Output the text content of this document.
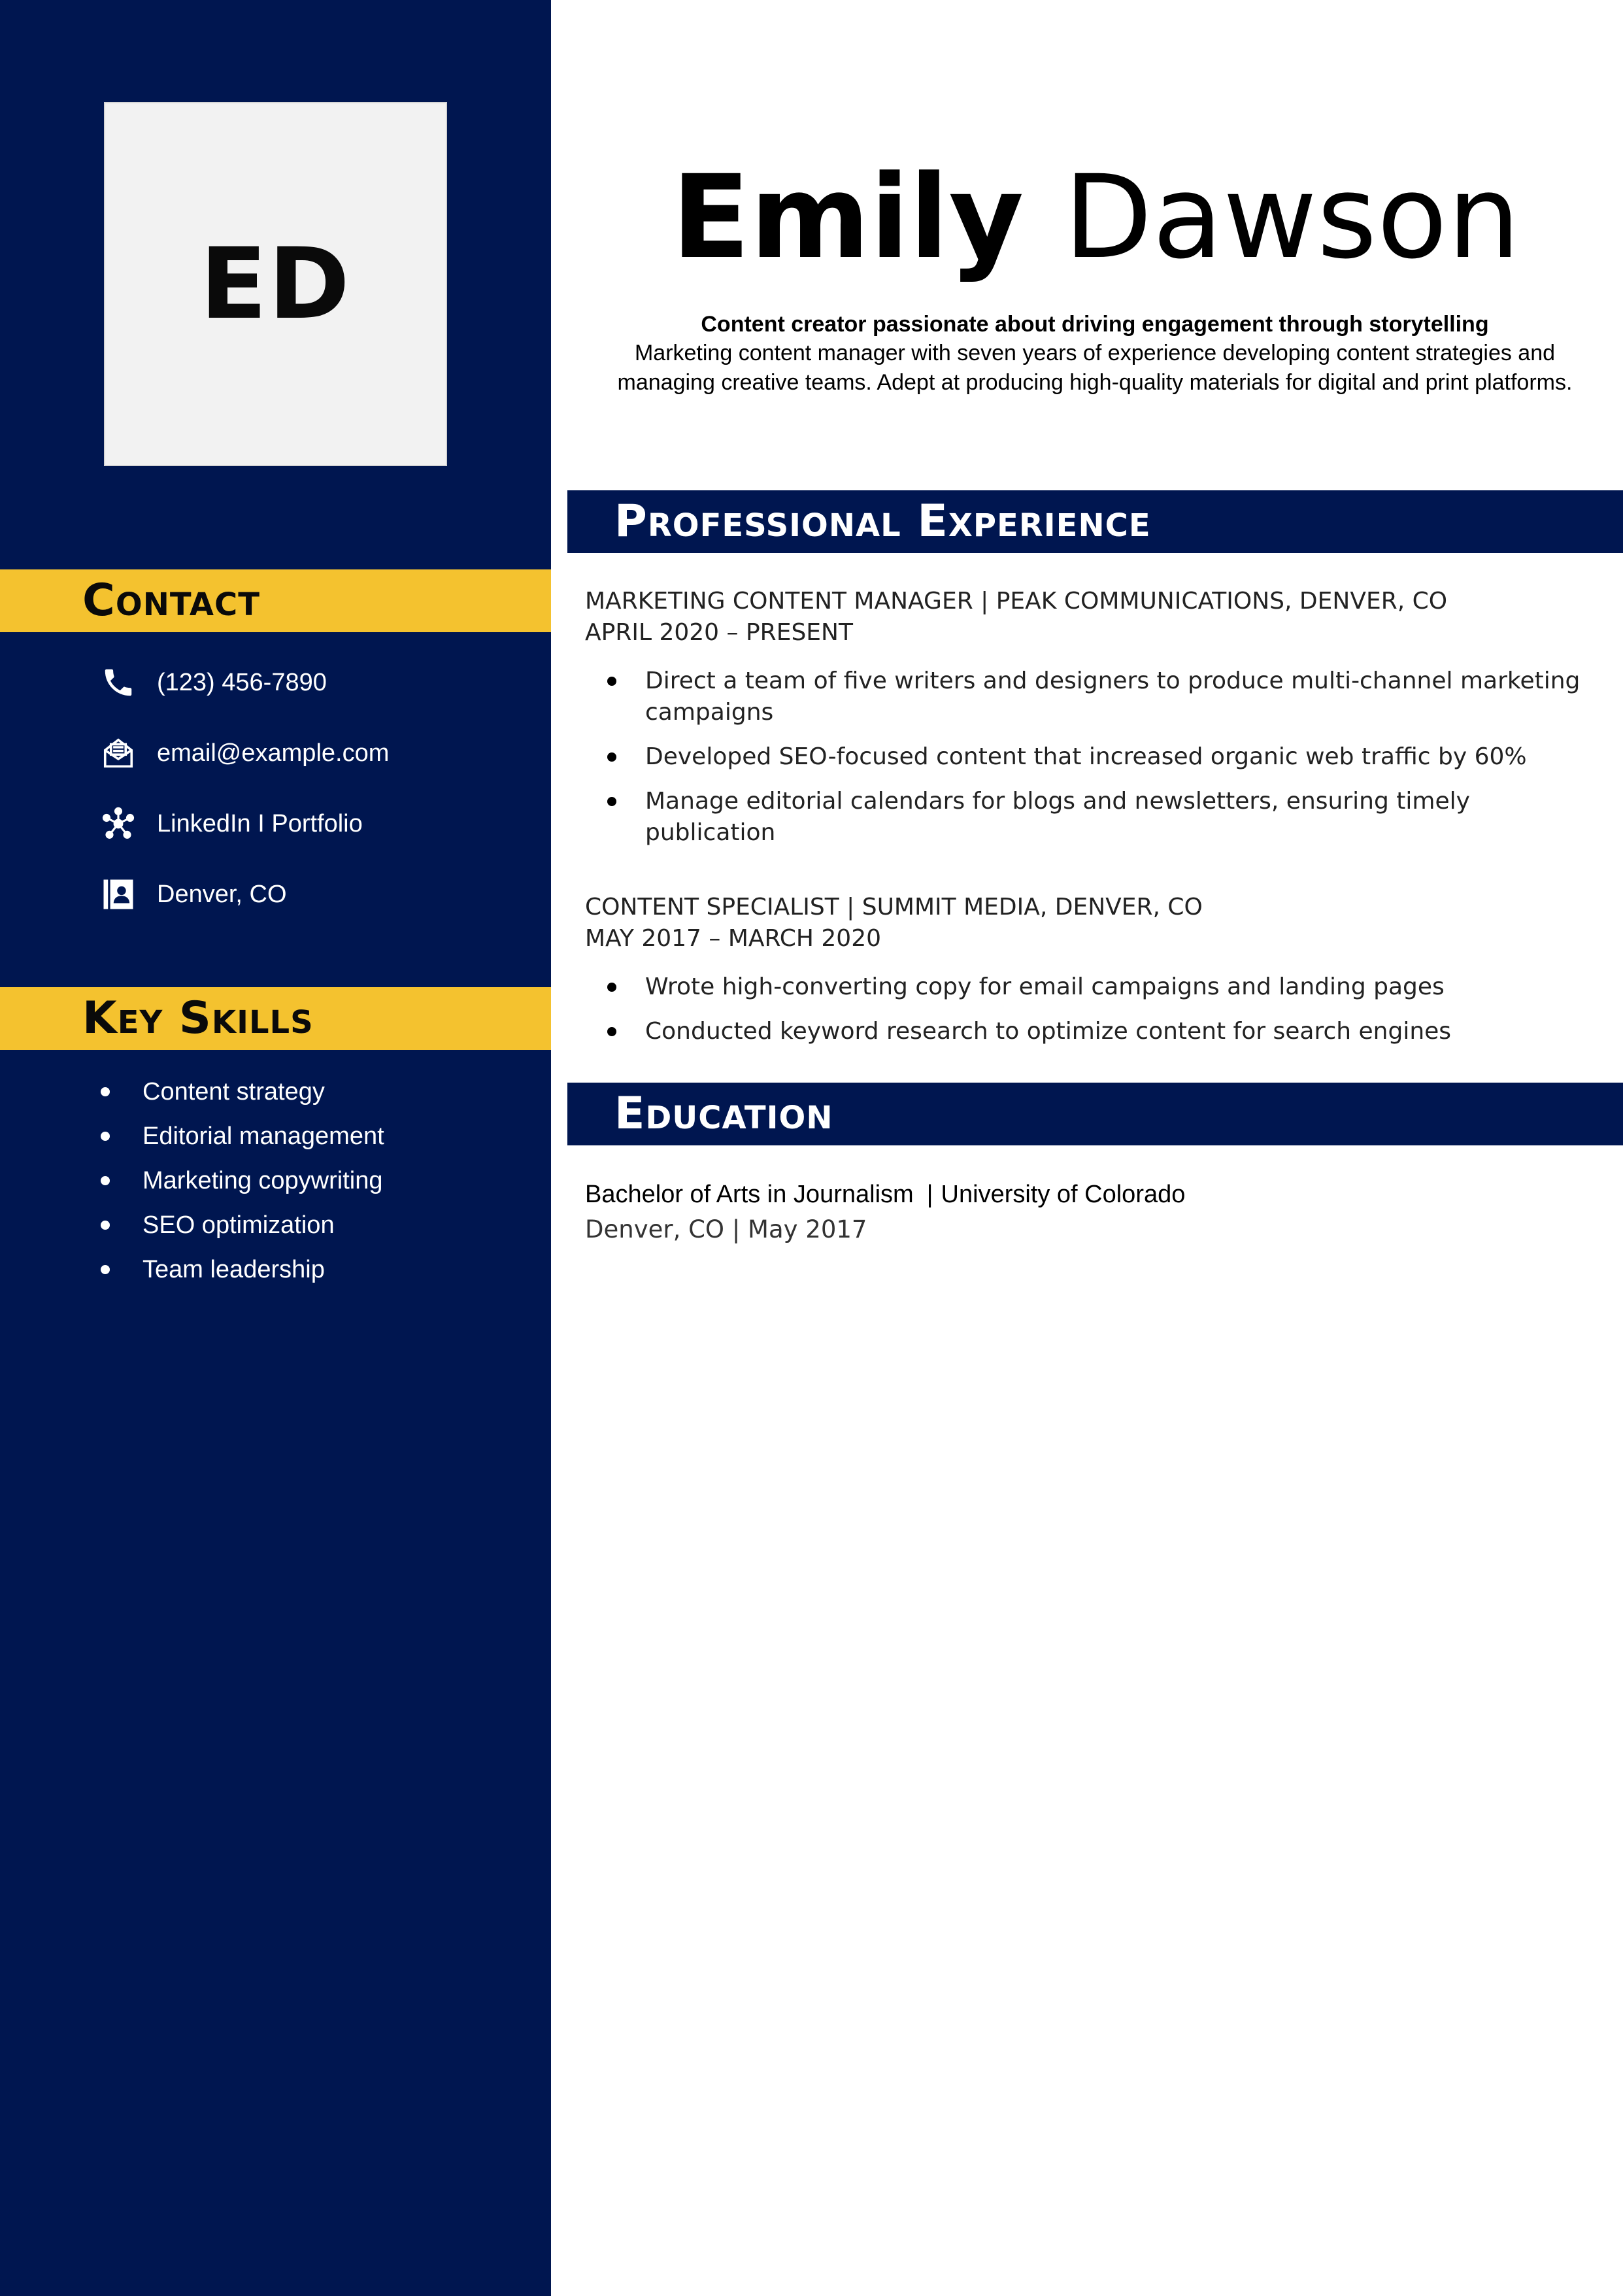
ED
Contact
(123) 456-7890
email@example.com
LinkedIn I Portfolio
Denver, CO
Key Skills
Content strategy
Editorial management
Marketing copywriting
SEO optimization
Team leadership
Emily Dawson
Content creator passionate about driving engagement through storytelling
Marketing content manager with seven years of experience developing content strategies and managing creative teams. Adept at producing high-quality materials for digital and print platforms.
Professional Experience
MARKETING CONTENT MANAGER | PEAK COMMUNICATIONS, DENVER, CO
APRIL 2020 – PRESENT
Direct a team of five writers and designers to produce multi-channel marketing campaigns
Developed SEO-focused content that increased organic web traffic by 60%
Manage editorial calendars for blogs and newsletters, ensuring timely publication
CONTENT SPECIALIST | SUMMIT MEDIA, DENVER, CO
MAY 2017 – MARCH 2020
Wrote high-converting copy for email campaigns and landing pages
Conducted keyword research to optimize content for search engines
Education
Bachelor of Arts in Journalism | University of Colorado
Denver, CO | May 2017
